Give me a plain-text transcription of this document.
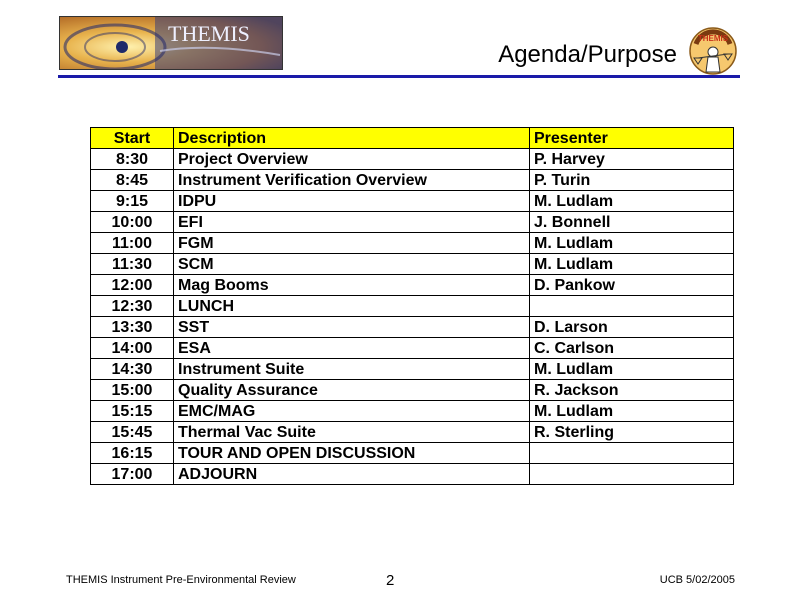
THEMIS
Agenda/Purpose
THEMIS
Start	Description	Presenter
8:30	Project Overview	P. Harvey
8:45	Instrument Verification Overview	P. Turin
9:15	IDPU	M. Ludlam
10:00	EFI	J. Bonnell
11:00	FGM	M. Ludlam
11:30	SCM	M. Ludlam
12:00	Mag Booms	D. Pankow
12:30	LUNCH	
13:30	SST	D. Larson
14:00	ESA	C. Carlson
14:30	Instrument Suite	M. Ludlam
15:00	Quality Assurance	R. Jackson
15:15	EMC/MAG	M. Ludlam
15:45	Thermal Vac Suite	R. Sterling
16:15	TOUR AND OPEN DISCUSSION	
17:00	ADJOURN	
THEMIS Instrument Pre-Environmental Review	2	UCB 5/02/2005
